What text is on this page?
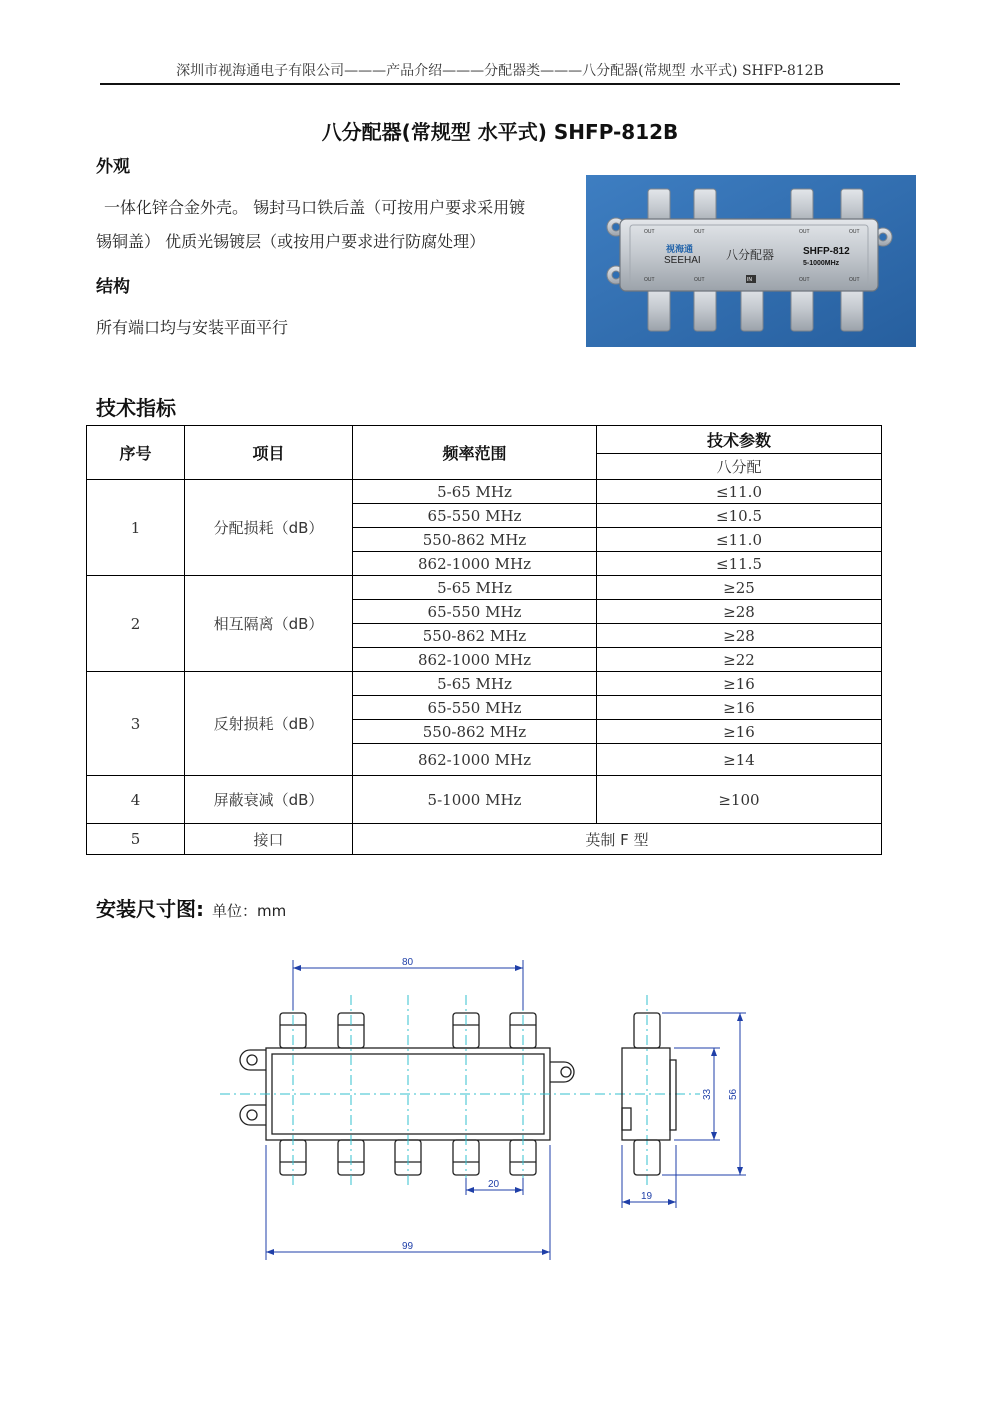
深圳市视海通电子有限公司———产品介绍———分配器类———八分配器(常规型 水平式) SHFP-812B
八分配器(常规型 水平式) SHFP-812B
外观
一体化锌合金外壳。 锡封马口铁后盖（可按用户要求采用镀
锡铜盖） 优质光锡镀层（或按用户要求进行防腐处理）
结构
所有端口均与安装平面平行
OUT	OUT	OUT	OUT
视海通
SEEHAI 八分配器	SHFP-812
5-1000MHz
OUT	OUT	IN	OUT	OUT
技术指标
序号	项目	频率范围	技术参数
			八分配
1	分配损耗（dB）	5-65 MHz	≤11.0
		65-550 MHz	≤10.5
		550-862 MHz	≤11.0
		862-1000 MHz	≤11.5
2	相互隔离（dB）	5-65 MHz	≥25
		65-550 MHz	≥28
		550-862 MHz	≥28
		862-1000 MHz	≥22
3	反射损耗（dB）	5-65 MHz	≥16
		65-550 MHz	≥16
		550-862 MHz	≥16
		862-1000 MHz	≥14
4	屏蔽衰减（dB）	5-1000 MHz	≥100
5	接口	英制 F 型	
安装尺寸图: 单位：mm
80
99
20
19
33 56
